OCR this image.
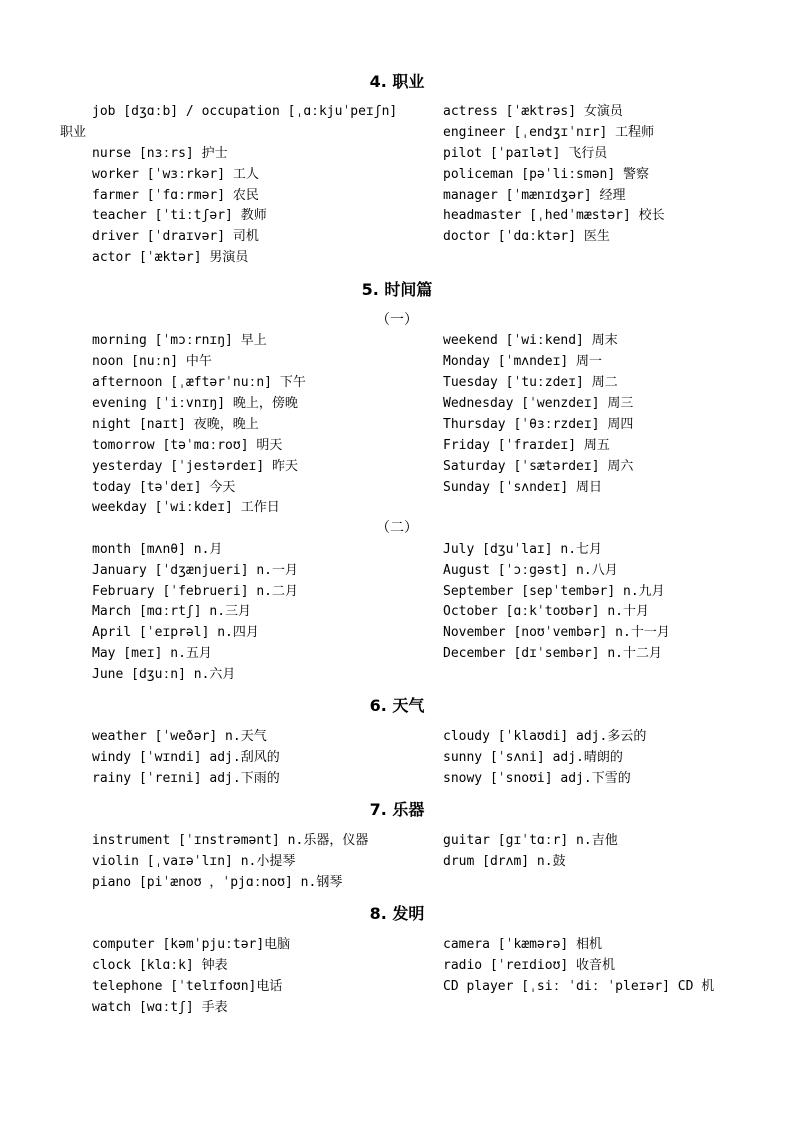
4. 职业
job [dʒɑːb] / occupation [ˌɑːkjuˈpeɪʃn]
职业
nurse [nɜːrs] 护士
worker [ˈwɜːrkər] 工人
farmer [ˈfɑːrmər] 农民
teacher [ˈtiːtʃər] 教师
driver [ˈdraɪvər] 司机
actor [ˈæktər] 男演员
actress [ˈæktrəs] 女演员
engineer [ˌendʒɪˈnɪr] 工程师
pilot [ˈpaɪlət] 飞行员
policeman [pəˈliːsmən] 警察
manager [ˈmænɪdʒər] 经理
headmaster [ˌhedˈmæstər] 校长
doctor [ˈdɑːktər] 医生
5. 时间篇
（一）
morning [ˈmɔːrnɪŋ] 早上
noon [nuːn] 中午
afternoon [ˌæftərˈnuːn] 下午
evening [ˈiːvnɪŋ] 晚上，傍晚
night [naɪt] 夜晚，晚上
tomorrow [təˈmɑːroʊ] 明天
yesterday [ˈjestərdeɪ] 昨天
today [təˈdeɪ] 今天
weekday [ˈwiːkdeɪ] 工作日
weekend [ˈwiːkend] 周末
Monday [ˈmʌndeɪ] 周一
Tuesday [ˈtuːzdeɪ] 周二
Wednesday [ˈwenzdeɪ] 周三
Thursday [ˈθɜːrzdeɪ] 周四
Friday [ˈfraɪdeɪ] 周五
Saturday [ˈsætərdeɪ] 周六
Sunday [ˈsʌndeɪ] 周日
（二）
month [mʌnθ] n.月
January [ˈdʒænjueri] n.一月
February [ˈfebrueri] n.二月
March [mɑːrtʃ] n.三月
April [ˈeɪprəl] n.四月
May [meɪ] n.五月
June [dʒuːn] n.六月
July [dʒuˈlaɪ] n.七月
August [ˈɔːgəst] n.八月
September [sepˈtembər] n.九月
October [ɑːkˈtoʊbər] n.十月
November [noʊˈvembər] n.十一月
December [dɪˈsembər] n.十二月
6. 天气
weather [ˈweðər] n.天气
windy [ˈwɪndi] adj.刮风的
rainy [ˈreɪni] adj.下雨的
cloudy [ˈklaʊdi] adj.多云的
sunny [ˈsʌni] adj.晴朗的
snowy [ˈsnoʊi] adj.下雪的
7. 乐器
instrument [ˈɪnstrəmənt] n.乐器，仪器
violin [ˌvaɪəˈlɪn] n.小提琴
piano [piˈænoʊ ，ˈpjɑːnoʊ] n.钢琴
guitar [gɪˈtɑːr] n.吉他
drum [drʌm] n.鼓
8. 发明
computer [kəmˈpjuːtər]电脑
clock [klɑːk] 钟表
telephone [ˈtelɪfoʊn]电话
watch [wɑːtʃ] 手表
camera [ˈkæmərə] 相机
radio [ˈreɪdioʊ] 收音机
CD player [ˌsiː ˈdiː ˈpleɪər] CD 机
